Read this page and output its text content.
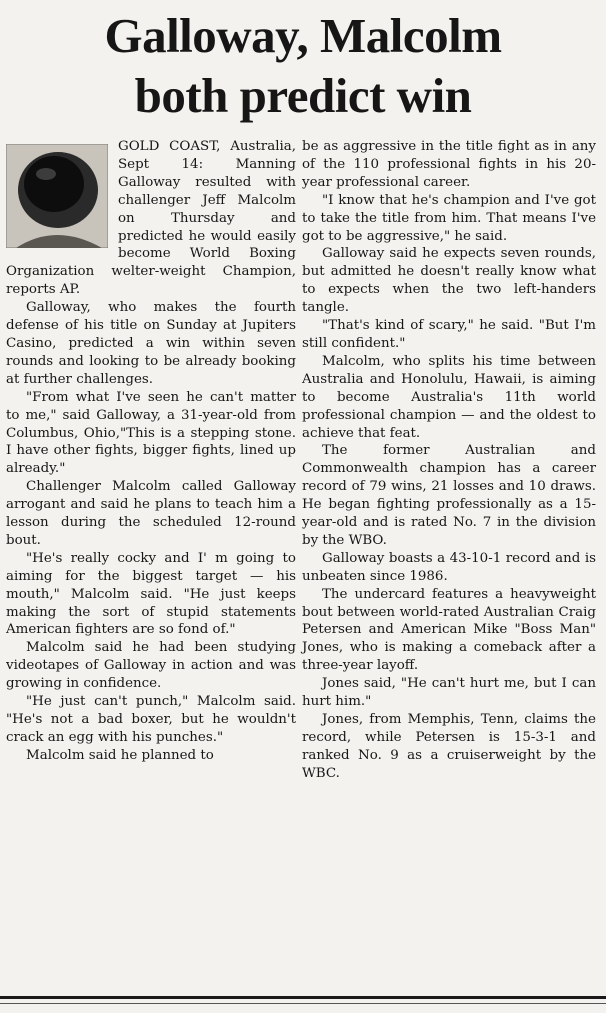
Galloway, Malcolm
both predict win

GOLD COAST, Australia, Sept 14: Manning Galloway resulted with challenger Jeff Malcolm on Thursday and predicted he would easily become World Boxing Organization welter-weight Champion, reports AP.

Galloway, who makes the fourth defense of his title on Sunday at Jupiters Casino, predicted a win within seven rounds and looking to be already booking at further challenges.

"From what I've seen he can't matter to me," said Galloway, a 31-year-old from Columbus, Ohio,"This is a stepping stone. I have other fights, bigger fights, lined up already."

Challenger Malcolm called Galloway arrogant and said he plans to teach him a lesson during the scheduled 12-round bout.

"He's really cocky and I' m going to aiming for the biggest target — his mouth," Malcolm said. "He just keeps making the sort of stupid statements American fighters are so fond of."

Malcolm said he had been studying videotapes of Galloway in action and was growing in confidence.

"He just can't punch," Malcolm said. "He's not a bad boxer, but he wouldn't crack an egg with his punches."

Malcolm said he planned to

be as aggressive in the title fight as in any of the 110 professional fights in his 20-year professional career.

"I know that he's champion and I've got to take the title from him. That means I've got to be aggressive," he said.

Galloway said he expects seven rounds, but admitted he doesn't really know what to expects when the two left-handers tangle.

"That's kind of scary," he said. "But I'm still confident."

Malcolm, who splits his time between Australia and Honolulu, Hawaii, is aiming to become Australia's 11th world professional champion — and the oldest to achieve that feat.

The former Australian and Commonwealth champion has a career record of 79 wins, 21 losses and 10 draws. He began fighting professionally as a 15-year-old and is rated No. 7 in the division by the WBO.

Galloway boasts a 43-10-1 record and is unbeaten since 1986.

The undercard features a heavyweight bout between world-rated Australian Craig Petersen and American Mike "Boss Man" Jones, who is making a comeback after a three-year layoff.

Jones said, "He can't hurt me, but I can hurt him."

Jones, from Memphis, Tenn, claims the record, while Petersen is 15-3-1 and ranked No. 9 as a cruiserweight by the WBC.
